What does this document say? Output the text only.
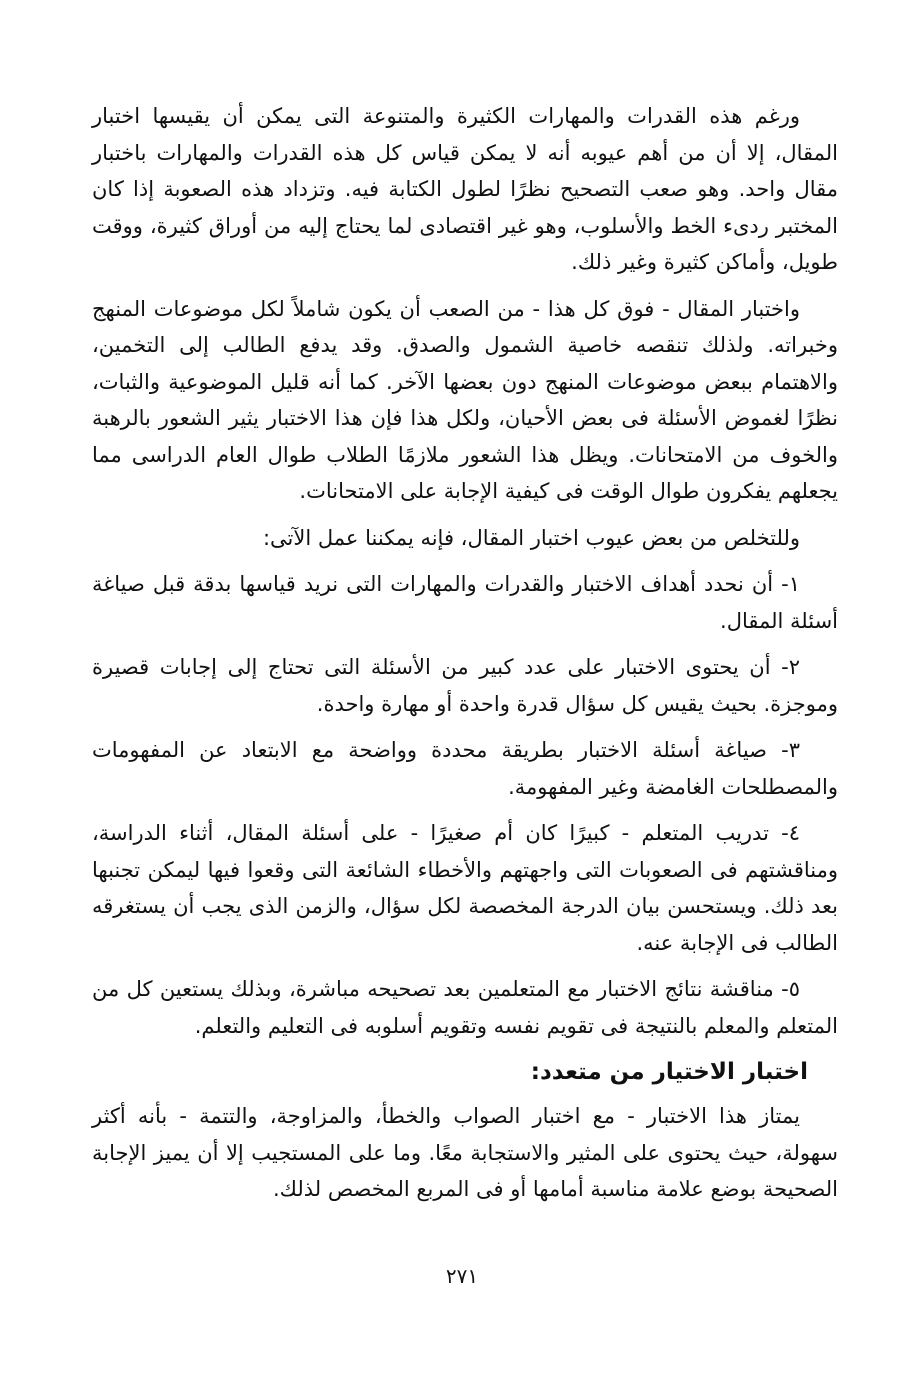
ورغم هذه القدرات والمهارات الكثيرة والمتنوعة التى يمكن أن يقيسها اختبار المقال، إلا أن من أهم عيوبه أنه لا يمكن قياس كل هذه القدرات والمهارات باختبار مقال واحد. وهو صعب التصحيح نظرًا لطول الكتابة فيه. وتزداد هذه الصعوبة إذا كان المختبر ردىء الخط والأسلوب، وهو غير اقتصادى لما يحتاج إليه من أوراق كثيرة، ووقت طويل، وأماكن كثيرة وغير ذلك.

واختبار المقال - فوق كل هذا - من الصعب أن يكون شاملاً لكل موضوعات المنهج وخبراته. ولذلك تنقصه خاصية الشمول والصدق. وقد يدفع الطالب إلى التخمين، والاهتمام ببعض موضوعات المنهج دون بعضها الآخر. كما أنه قليل الموضوعية والثبات، نظرًا لغموض الأسئلة فى بعض الأحيان، ولكل هذا فإن هذا الاختبار يثير الشعور بالرهبة والخوف من الامتحانات. ويظل هذا الشعور ملازمًا الطلاب طوال العام الدراسى مما يجعلهم يفكرون طوال الوقت فى كيفية الإجابة على الامتحانات.

وللتخلص من بعض عيوب اختبار المقال، فإنه يمكننا عمل الآتى:

١- أن نحدد أهداف الاختبار والقدرات والمهارات التى نريد قياسها بدقة قبل صياغة أسئلة المقال.

٢- أن يحتوى الاختبار على عدد كبير من الأسئلة التى تحتاج إلى إجابات قصيرة وموجزة. بحيث يقيس كل سؤال قدرة واحدة أو مهارة واحدة.

٣- صياغة أسئلة الاختبار بطريقة محددة وواضحة مع الابتعاد عن المفهومات والمصطلحات الغامضة وغير المفهومة.

٤- تدريب المتعلم - كبيرًا كان أم صغيرًا - على أسئلة المقال، أثناء الدراسة، ومناقشتهم فى الصعوبات التى واجهتهم والأخطاء الشائعة التى وقعوا فيها ليمكن تجنبها بعد ذلك. ويستحسن بيان الدرجة المخصصة لكل سؤال، والزمن الذى يجب أن يستغرقه الطالب فى الإجابة عنه.

٥- مناقشة نتائج الاختبار مع المتعلمين بعد تصحيحه مباشرة، وبذلك يستعين كل من المتعلم والمعلم بالنتيجة فى تقويم نفسه وتقويم أسلوبه فى التعليم والتعلم.

اختبار الاختيار من متعدد:

يمتاز هذا الاختبار - مع اختبار الصواب والخطأ، والمزاوجة، والتتمة - بأنه أكثر سهولة، حيث يحتوى على المثير والاستجابة معًا. وما على المستجيب إلا أن يميز الإجابة الصحيحة بوضع علامة مناسبة أمامها أو فى المربع المخصص لذلك.

٢٧١
